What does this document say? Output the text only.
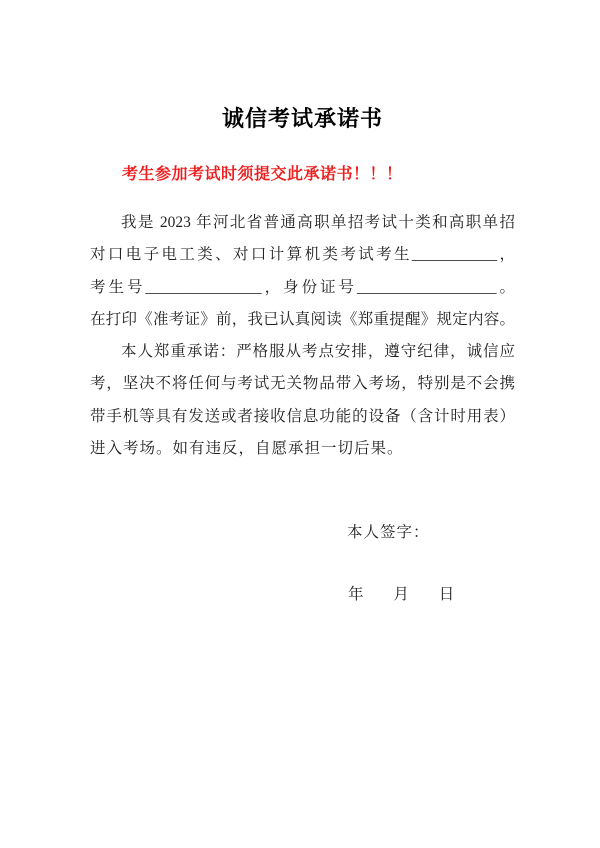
诚信考试承诺书
考生参加考试时须提交此承诺书！！！
我是 2023 年河北省普通高职单招考试十类和高职单招
对口电子电工类、对口计算机类考试考生___________，
考生号_______________，身份证号__________________。
在打印《准考证》前，我已认真阅读《郑重提醒》规定内容。
本人郑重承诺：严格服从考点安排，遵守纪律，诚信应
考，坚决不将任何与考试无关物品带入考场，特别是不会携
带手机等具有发送或者接收信息功能的设备（含计时用表）
进入考场。如有违反，自愿承担一切后果。
本人签字：
年 月 日
